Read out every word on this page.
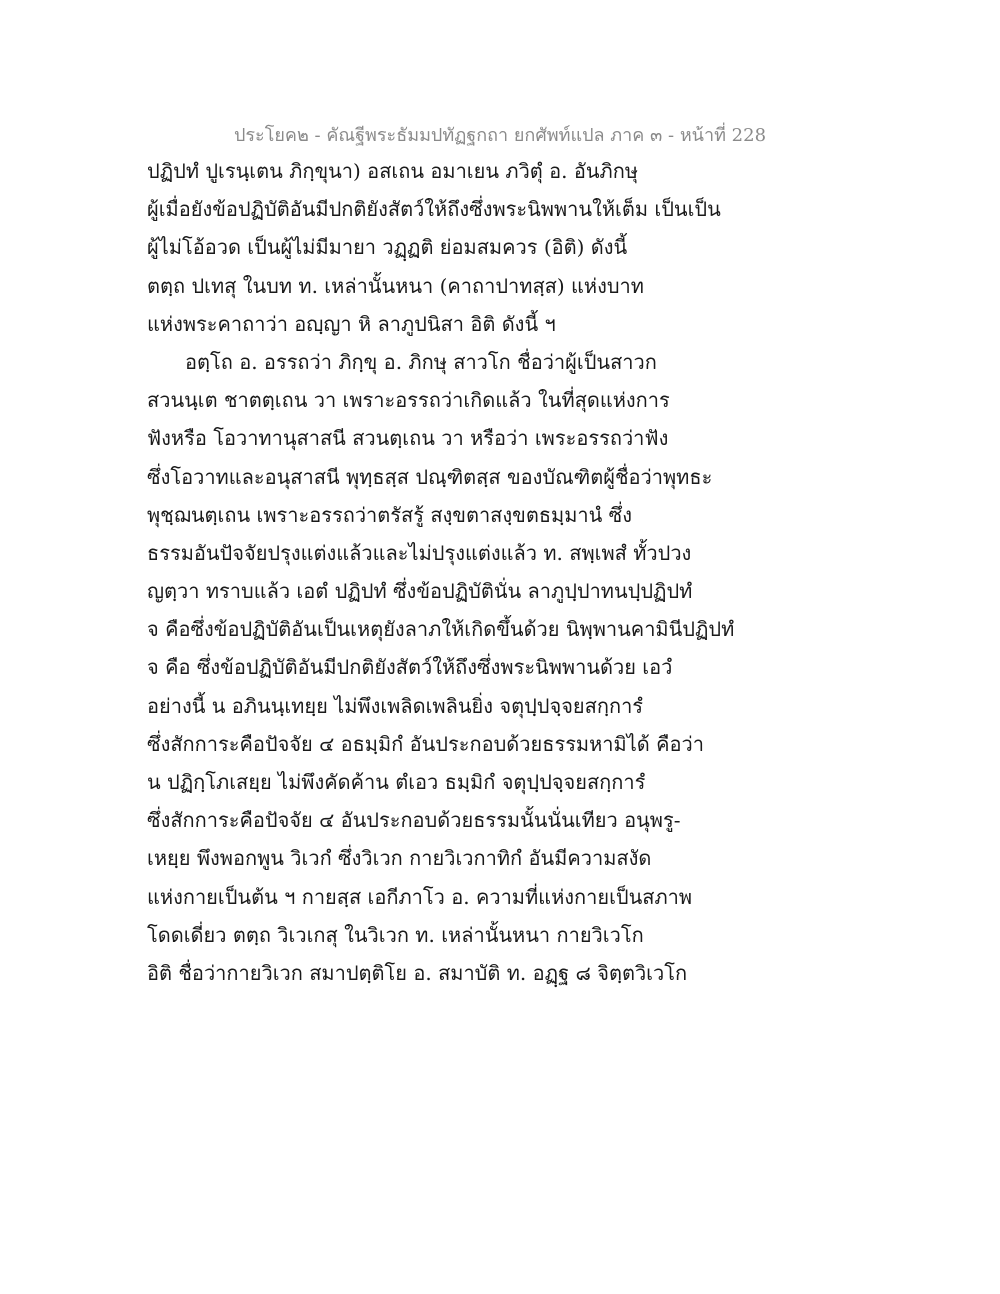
ประโยค๒ - คัณฐีพระธัมมปทัฏฐกถา ยกศัพท์แปล ภาค ๓ - หน้าที่ 228
ปฏิปทํ ปูเรนฺเตน ภิกฺขุนา) อสเถน อมาเยน ภวิตุํ อ. อันภิกษุ
ผู้เมื่อยังข้อปฏิบัติอันมีปกติยังสัตว์ให้ถึงซึ่งพระนิพพานให้เต็ม เป็นเป็น
ผู้ไม่โอ้อวด เป็นผู้ไม่มีมายา วฏฺฏติ ย่อมสมควร (อิติ) ดังนี้
ตตฺถ ปเทสุ ในบท ท. เหล่านั้นหนา (คาถาปาทสฺส) แห่งบาท
แห่งพระคาถาว่า อญฺญา หิ ลาภูปนิสา อิติ ดังนี้ ฯ
อตฺโถ อ. อรรถว่า ภิกฺขุ อ. ภิกษุ สาวโก ชื่อว่าผู้เป็นสาวก
สวนนฺเต ชาตตฺเถน วา เพราะอรรถว่าเกิดแล้ว ในที่สุดแห่งการ
ฟังหรือ โอวาทานุสาสนี สวนตฺเถน วา หรือว่า เพระอรรถว่าฟัง
ซึ่งโอวาทและอนุสาสนี พุทฺธสฺส ปณฺฑิตสฺส ของบัณฑิตผู้ชื่อว่าพุทธะ
พุชฺฌนตฺเถน เพราะอรรถว่าตรัสรู้ สงฺขตาสงฺขตธมฺมานํ ซึ่ง
ธรรมอันปัจจัยปรุงแต่งแล้วและไม่ปรุงแต่งแล้ว ท. สพฺเพสํ ทั้วปวง
ญตฺวา ทราบแล้ว เอตํ ปฏิปทํ ซึ่งข้อปฏิบัตินั่น ลาภูปฺปาทนปฺปฏิปทํ
จ คือซึ่งข้อปฏิบัติอันเป็นเหตุยังลาภให้เกิดขึ้นด้วย นิพฺพานคามินีปฏิปทํ
จ คือ ซึ่งข้อปฏิบัติอันมีปกติยังสัตว์ให้ถึงซึ่งพระนิพพานด้วย เอวํ
อย่างนี้ น อภินนฺเทยฺย ไม่พึงเพลิดเพลินยิ่ง จตุปฺปจฺจยสกฺการํ
ซึ่งสักการะคือปัจจัย ๔ อธมฺมิกํ อันประกอบด้วยธรรมหามิได้ คือว่า
น ปฏิกฺโภเสยฺย ไม่พึงคัดค้าน ตํเอว ธมฺมิกํ จตุปฺปจฺจยสกฺการํ
ซึ่งสักการะคือปัจจัย ๔ อันประกอบด้วยธรรมนั้นนั่นเทียว อนุพรู-
เหยฺย พึงพอกพูน วิเวกํ ซึ่งวิเวก กายวิเวกาทิกํ อันมีความสงัด
แห่งกายเป็นต้น ฯ กายสฺส เอกีภาโว อ. ความที่แห่งกายเป็นสภาพ
โดดเดี่ยว ตตฺถ วิเวเกสุ ในวิเวก ท. เหล่านั้นหนา กายวิเวโก
อิติ ชื่อว่ากายวิเวก สมาปตฺติโย อ. สมาบัติ ท. อฏฺฐ ๘ จิตฺตวิเวโก
